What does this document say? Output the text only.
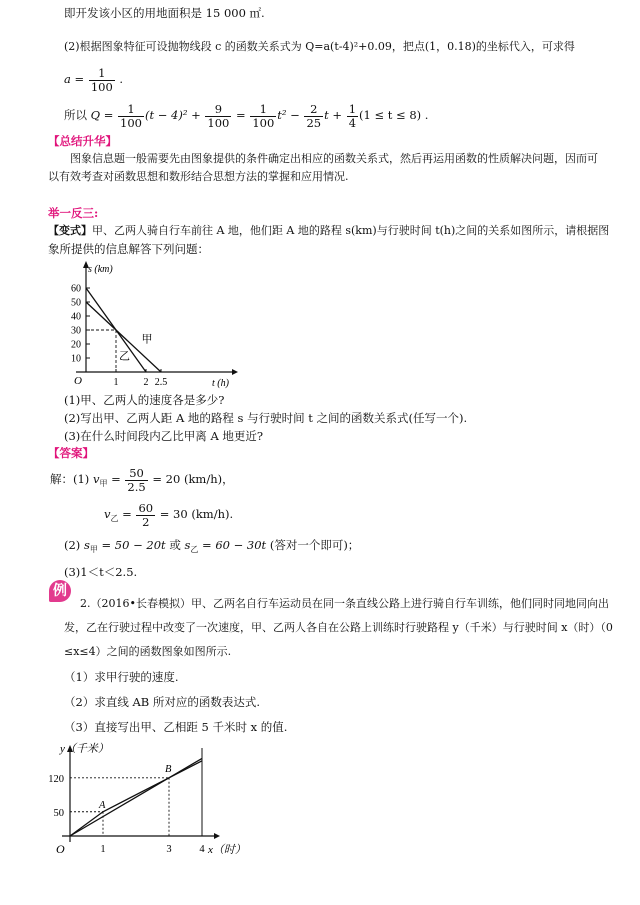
即开发该小区的用地面积是 15 000 ㎡.
(2)根据图象特征可设抛物线段 c 的函数关系式为 Q=a(t-4)²+0.09，把点(1，0.18)的坐标代入，可求得
$a = \frac{1}{100}$ .
所以 $Q = \frac{1}{100} (t - 4)^2 + \frac{9}{100} = \frac{1}{100} t^2 - \frac{2}{25}$ $t + \frac{1}{4} (1 \le t \le 8)$ .
【总结升华】
图象信息题一般需要先由图象提供的条件确定出相应的函数关系式，然后再运用函数的性质解决问题，因而可
以有效考查对函数思想和数形结合思想方法的掌握和应用情况.
举一反三:
【变式】甲、乙两人骑自行车前往 A 地，他们距 A 地的路程 s(km)与行驶时间 t(h)之间的关系如图所示，请根据图
象所提供的信息解答下列问题：
60
50
40
30
20
10
1	2 2.5
s (km)
t (h)
O
甲
乙
(1)甲、乙两人的速度各是多少?
(2)写出甲、乙两人距 A 地的路程 s 与行驶时间 t 之间的函数关系式(任写一个).
(3)在什么时间段内乙比甲离 A 地更近?
【答案】
解：(1) $v_甲 = \frac{50}{2.5} = 20$ (km/h)，
$v_乙 = \frac{60}{2} = 30$ (km/h).
(2) $s_甲 = 50 - 20t$ 或 $s_乙 = 60 - 30t$ (答对一个即可)；
(3)1＜t＜2.5.
例
2.（2016•长春模拟）甲、乙两名自行车运动员在同一条直线公路上进行骑自行车训练，他们同时同地同向出
发，乙在行驶过程中改变了一次速度，甲、乙两人各自在公路上训练时行驶路程 y（千米）与行驶时间 x（时）（0
≤x≤4）之间的函数图象如图所示.
（1）求甲行驶的速度.
（2）求直线 AB 所对应的函数表达式.
（3）直接写出甲、乙相距 5 千米时 x 的值.
120
50
1	3	4
y（千米）
x（时）
O
A
B
